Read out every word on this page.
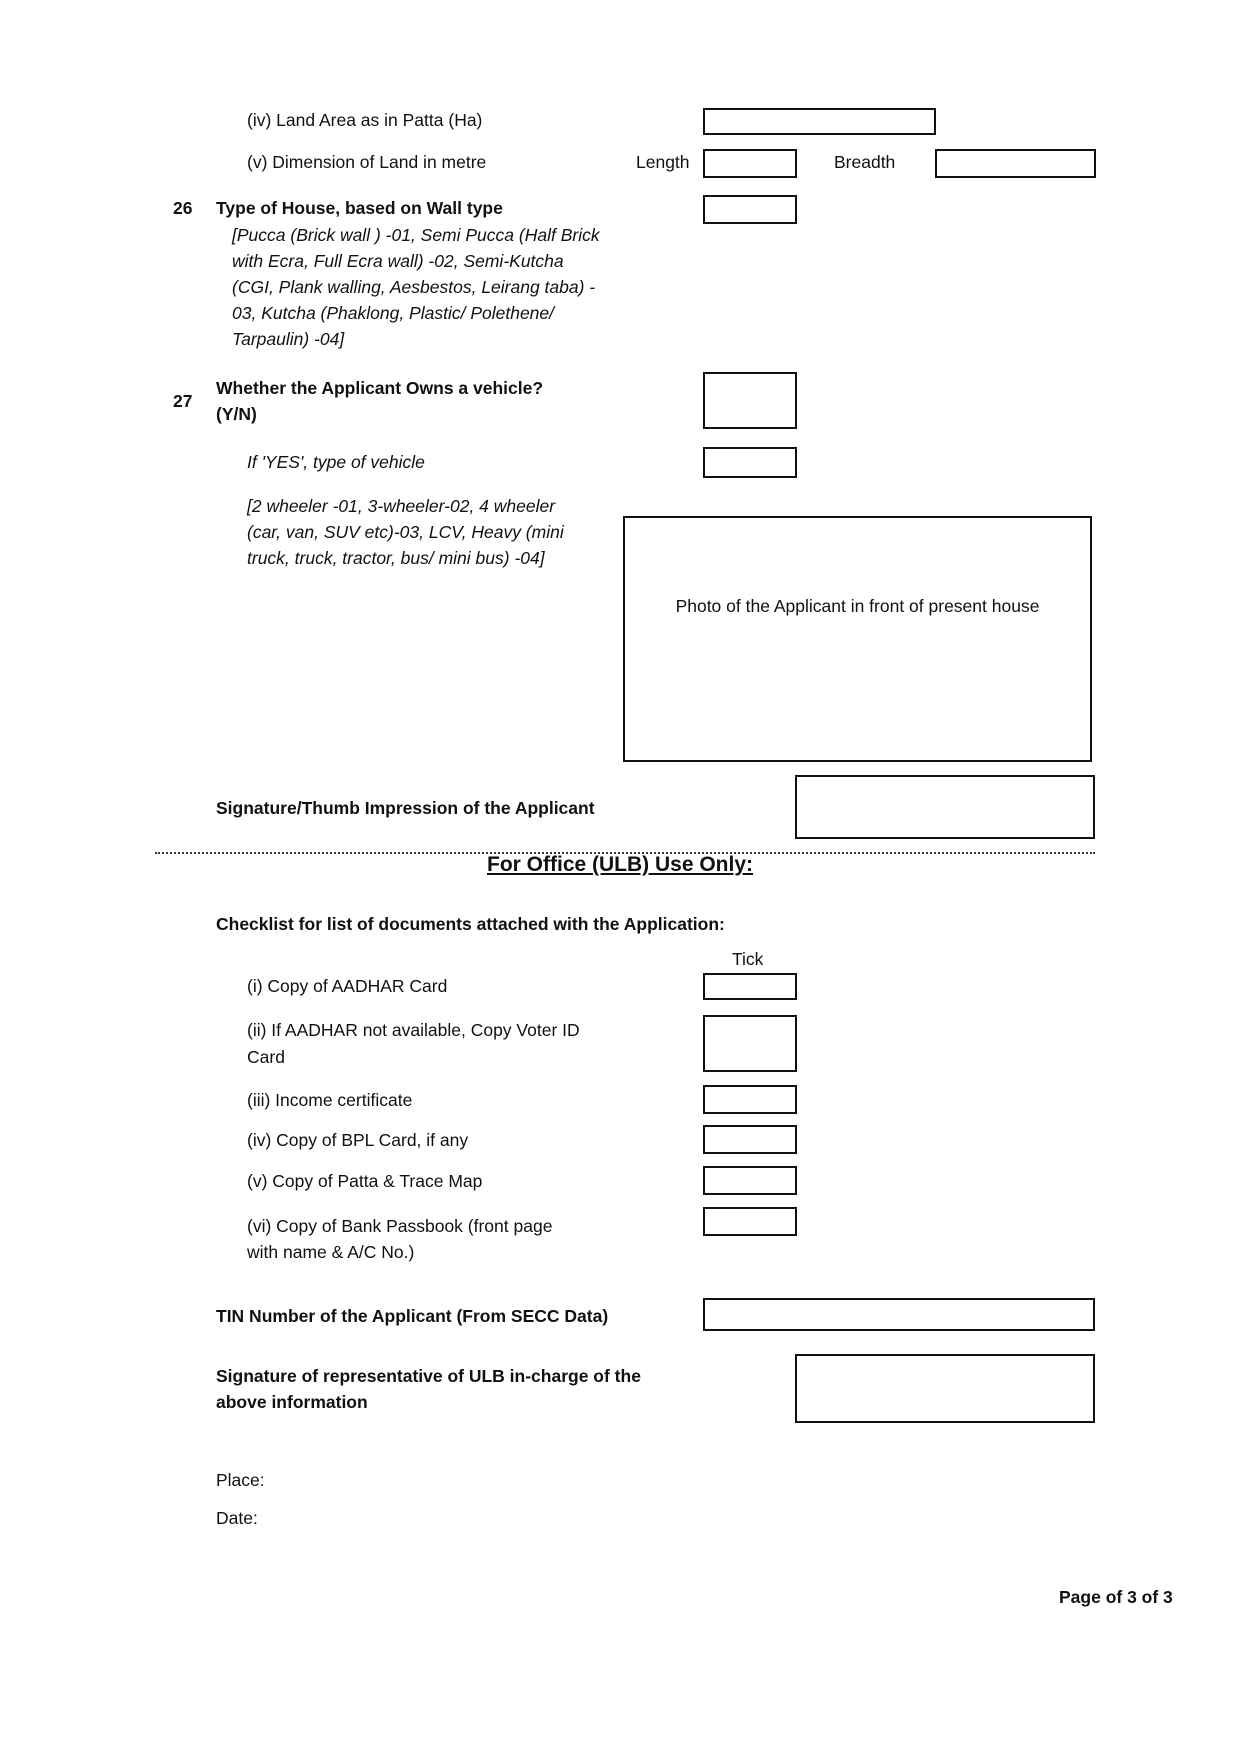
(iv) Land Area as in Patta (Ha)
(v) Dimension of Land in metre	Length	Breadth
26 Type of House, based on Wall type
[Pucca (Brick wall ) -01, Semi Pucca (Half Brick
with Ecra, Full Ecra wall) -02, Semi-Kutcha
(CGI, Plank walling, Aesbestos, Leirang taba) -
03, Kutcha (Phaklong, Plastic/ Polethene/
Tarpaulin) -04]
27
Whether the Applicant Owns a vehicle?
(Y/N)
If 'YES', type of vehicle
[2 wheeler -01, 3-wheeler-02, 4 wheeler
(car, van, SUV etc)-03, LCV, Heavy (mini
truck, truck, tractor, bus/ mini bus) -04]
Photo of the Applicant in front of present house
Signature/Thumb Impression of the Applicant
For Office (ULB) Use Only:
Checklist for list of documents attached with the Application:
Tick
(i) Copy of AADHAR Card
(ii) If AADHAR not available, Copy Voter ID
Card
(iii) Income certificate
(iv) Copy of BPL Card, if any
(v) Copy of Patta & Trace Map
(vi) Copy of Bank Passbook (front page
with name & A/C No.)
TIN Number of the Applicant (From SECC Data)
Signature of representative of ULB in-charge of the
above information
Place:
Date:
Page of 3 of 3
